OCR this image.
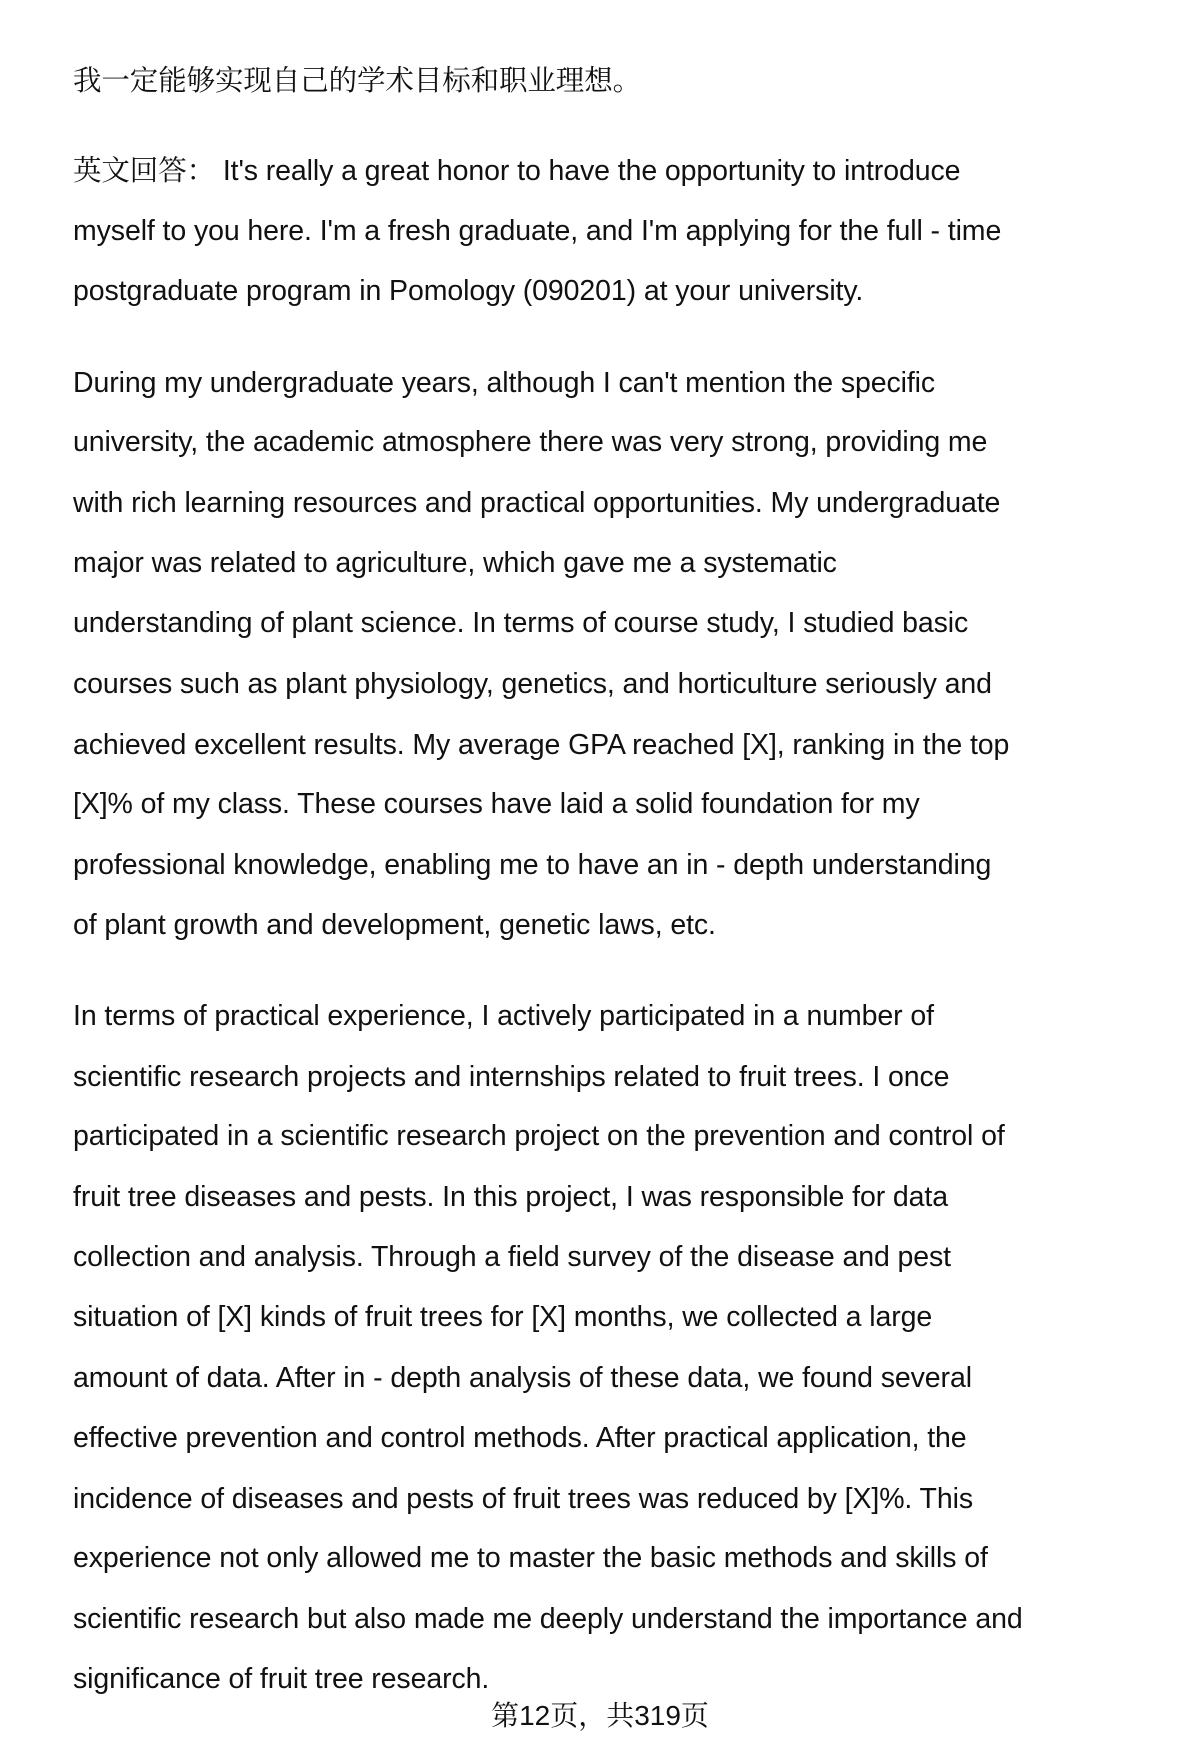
我一定能够实现自己的学术目标和职业理想。
英文回答： It's really a great honor to have the opportunity to introduce
myself to you here. I'm a fresh graduate, and I'm applying for the full - time
postgraduate program in Pomology (090201) at your university.
During my undergraduate years, although I can't mention the specific
university, the academic atmosphere there was very strong, providing me
with rich learning resources and practical opportunities. My undergraduate
major was related to agriculture, which gave me a systematic
understanding of plant science. In terms of course study, I studied basic
courses such as plant physiology, genetics, and horticulture seriously and
achieved excellent results. My average GPA reached [X], ranking in the top
[X]% of my class. These courses have laid a solid foundation for my
professional knowledge, enabling me to have an in - depth understanding
of plant growth and development, genetic laws, etc.
In terms of practical experience, I actively participated in a number of
scientific research projects and internships related to fruit trees. I once
participated in a scientific research project on the prevention and control of
fruit tree diseases and pests. In this project, I was responsible for data
collection and analysis. Through a field survey of the disease and pest
situation of [X] kinds of fruit trees for [X] months, we collected a large
amount of data. After in - depth analysis of these data, we found several
effective prevention and control methods. After practical application, the
incidence of diseases and pests of fruit trees was reduced by [X]%. This
experience not only allowed me to master the basic methods and skills of
scientific research but also made me deeply understand the importance and
significance of fruit tree research.
第12页，共319页
